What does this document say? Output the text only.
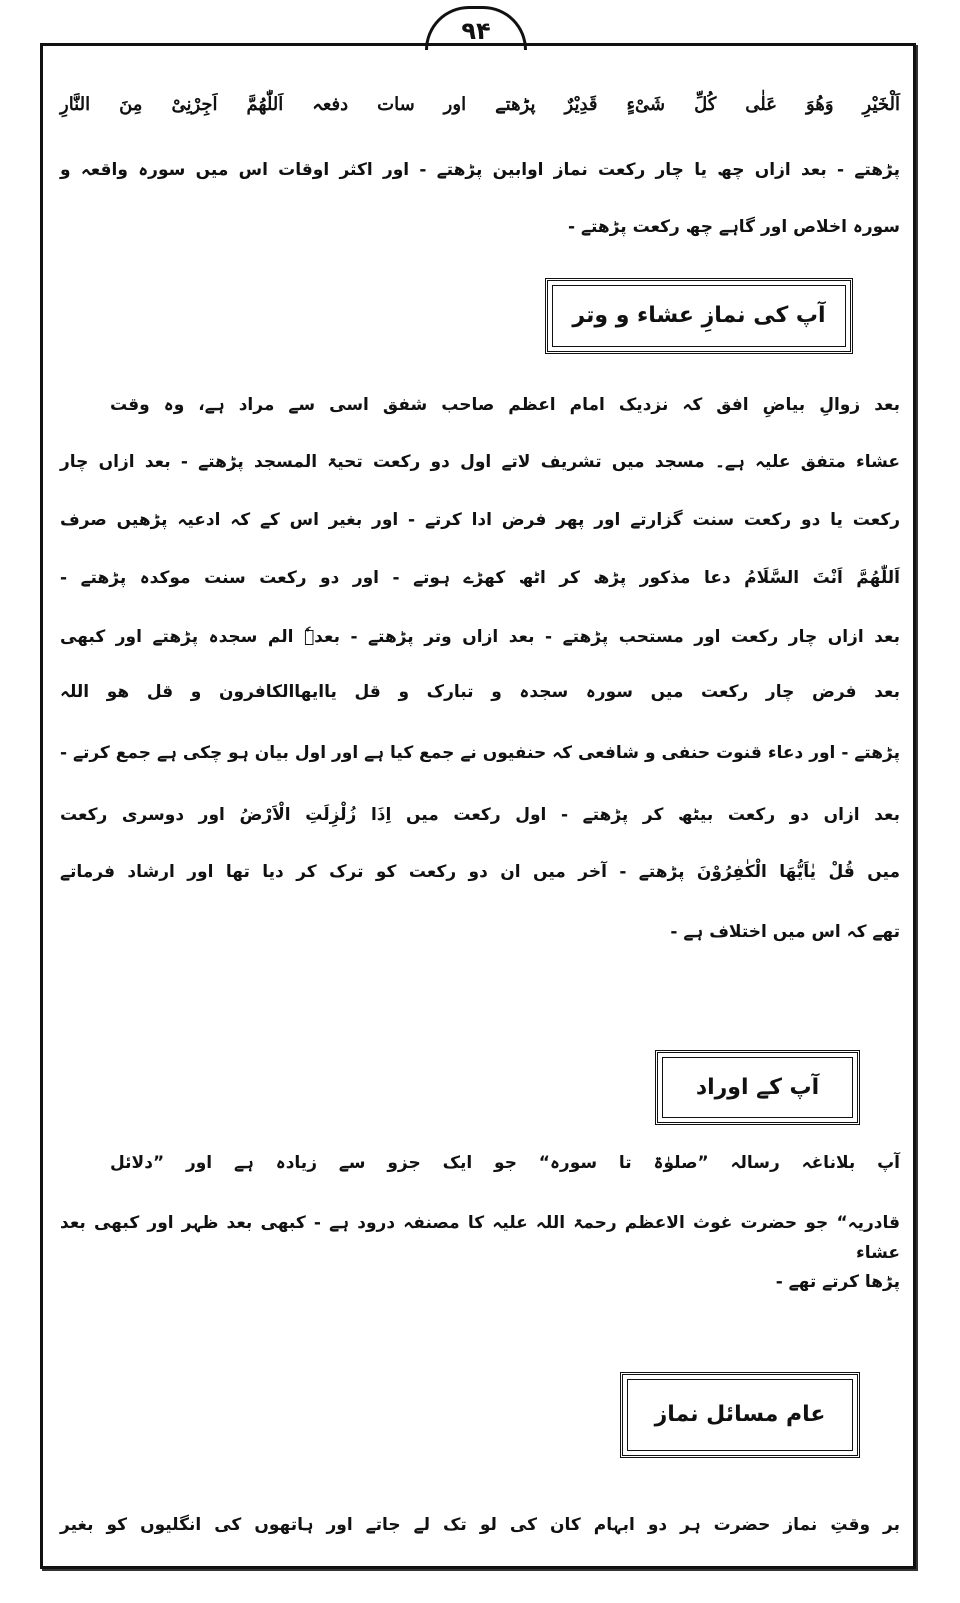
۹۴
اَلْخَیْرِ وَھُوَ عَلٰی کُلِّ شَیْءٍ قَدِیْرٌ پڑھتے اور سات دفعہ اَللّٰھُمَّ اَجِرْنِیْ مِنَ النَّارِ
پڑھتے - بعد ازاں چھ یا چار رکعت نماز اوابین پڑھتے - اور اکثر اوقات اس میں سورہ واقعہ و
سورہ اخلاص اور گاہے چھ رکعت پڑھتے -
آپ کی نمازِ عشاء و وتر
بعد زوالِ بیاضِ افق کہ نزدیک امام اعظم صاحب شفق اسی سے مراد ہے، وہ وقت
عشاء متفق علیہ ہے۔ مسجد میں تشریف لاتے اول دو رکعت تحیۃ المسجد پڑھتے - بعد ازاں چار
رکعت یا دو رکعت سنت گزارتے اور پھر فرض ادا کرتے - اور بغیر اس کے کہ ادعیہ پڑھیں صرف
اَللّٰھُمَّ اَنْتَ السَّلَامُ دعا مذکور پڑھ کر اٹھ کھڑے ہوتے - اور دو رکعت سنت موکدہ پڑھتے -
بعد ازاں چار رکعت اور مستحب پڑھتے - بعد ازاں وتر پڑھتے - بعدہٗ الم سجدہ پڑھتے اور کبھی
بعد فرض چار رکعت میں سورہ سجدہ و تبارک و قل یاایھاالکافرون و قل ھو اللہ
پڑھتے - اور دعاء قنوت حنفی و شافعی کہ حنفیوں نے جمع کیا ہے اور اول بیان ہو چکی ہے جمع کرتے -
بعد ازاں دو رکعت بیٹھ کر پڑھتے - اول رکعت میں اِذَا زُلْزِلَتِ الْاَرْضُ اور دوسری رکعت
میں قُلْ یٰاَیُّھَا الْکٰفِرُوْنَ پڑھتے - آخر میں ان دو رکعت کو ترک کر دیا تھا اور ارشاد فرماتے
تھے کہ اس میں اختلاف ہے -
آپ کے اوراد
آپ بلاناغہ رسالہ ”صلوٰۃ تا سورہ“ جو ایک جزو سے زیادہ ہے اور ”دلائل
قادریہ“ جو حضرت غوث الاعظم رحمۃ اللہ علیہ کا مصنفہ درود ہے - کبھی بعد ظہر اور کبھی بعد عشاء
پڑھا کرتے تھے -
عام مسائل نماز
بر وقتِ نماز حضرت ہر دو ابہام کان کی لو تک لے جاتے اور ہاتھوں کی انگلیوں کو بغیر
